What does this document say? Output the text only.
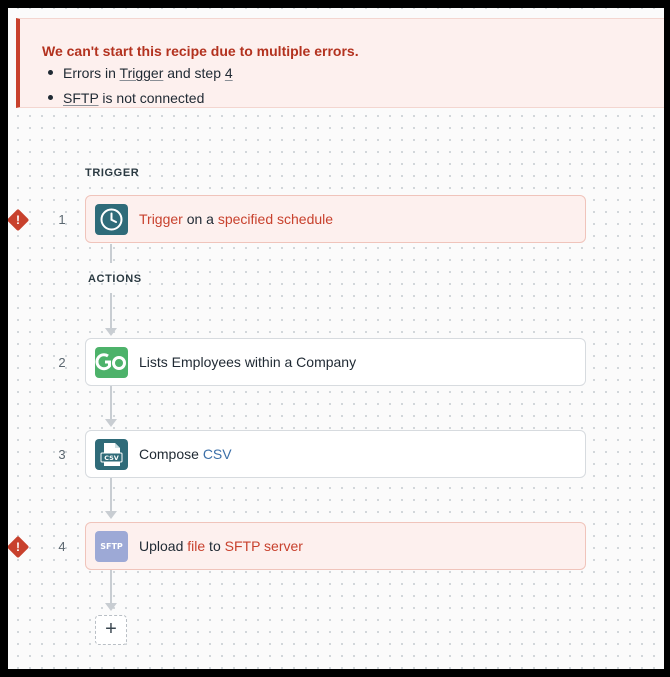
We can't start this recipe due to multiple errors.
Errors in Trigger and step 4
SFTP is not connected
TRIGGER
!	1	Trigger on a specified schedule
ACTIONS
2	Lists Employees within a Company
3	CSV Compose CSV
!	4	SFTP	Upload file to SFTP server
+
